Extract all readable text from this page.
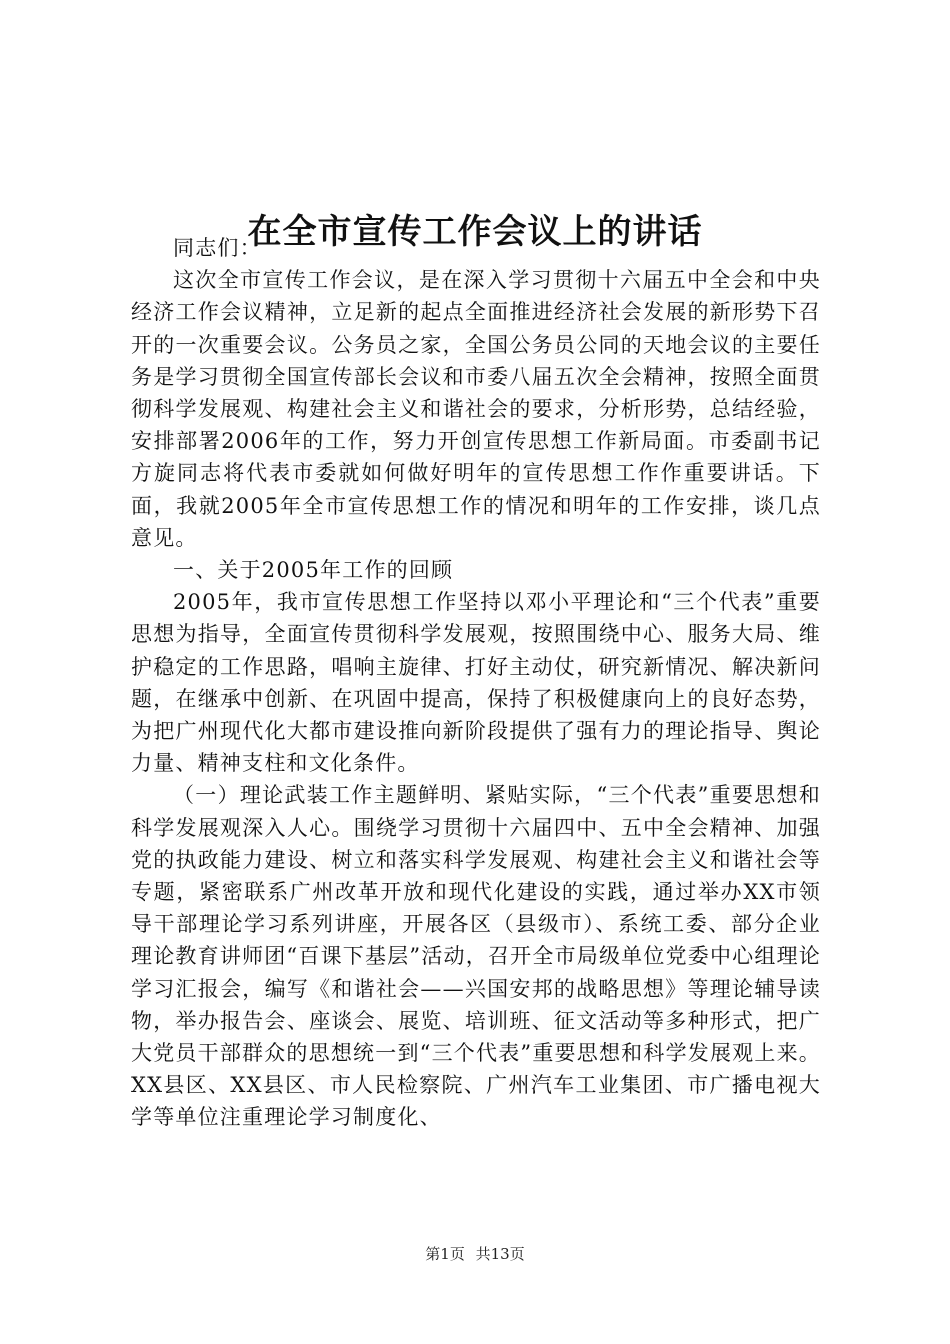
在全市宣传工作会议上的讲话

同志们：

这次全市宣传工作会议，是在深入学习贯彻十六届五中全会和中央经济工作会议精神，立足新的起点全面推进经济社会发展的新形势下召开的一次重要会议。公务员之家，全国公务员公同的天地会议的主要任务是学习贯彻全国宣传部长会议和市委八届五次全会精神，按照全面贯彻科学发展观、构建社会主义和谐社会的要求，分析形势，总结经验，安排部署2006年的工作，努力开创宣传思想工作新局面。市委副书记方旋同志将代表市委就如何做好明年的宣传思想工作作重要讲话。下面，我就2005年全市宣传思想工作的情况和明年的工作安排，谈几点意见。

一、关于2005年工作的回顾

2005年，我市宣传思想工作坚持以邓小平理论和“三个代表”重要思想为指导，全面宣传贯彻科学发展观，按照围绕中心、服务大局、维护稳定的工作思路，唱响主旋律、打好主动仗，研究新情况、解决新问题，在继承中创新、在巩固中提高，保持了积极健康向上的良好态势，为把广州现代化大都市建设推向新阶段提供了强有力的理论指导、舆论力量、精神支柱和文化条件。

（一）理论武装工作主题鲜明、紧贴实际，“三个代表”重要思想和科学发展观深入人心。围绕学习贯彻十六届四中、五中全会精神、加强党的执政能力建设、树立和落实科学发展观、构建社会主义和谐社会等专题，紧密联系广州改革开放和现代化建设的实践，通过举办XX市领导干部理论学习系列讲座，开展各区（县级市）、系统工委、部分企业理论教育讲师团“百课下基层”活动，召开全市局级单位党委中心组理论学习汇报会，编写《和谐社会——兴国安邦的战略思想》等理论辅导读物，举办报告会、座谈会、展览、培训班、征文活动等多种形式，把广大党员干部群众的思想统一到“三个代表”重要思想和科学发展观上来。XX县区、XX县区、市人民检察院、广州汽车工业集团、市广播电视大学等单位注重理论学习制度化、

第1页 共13页
